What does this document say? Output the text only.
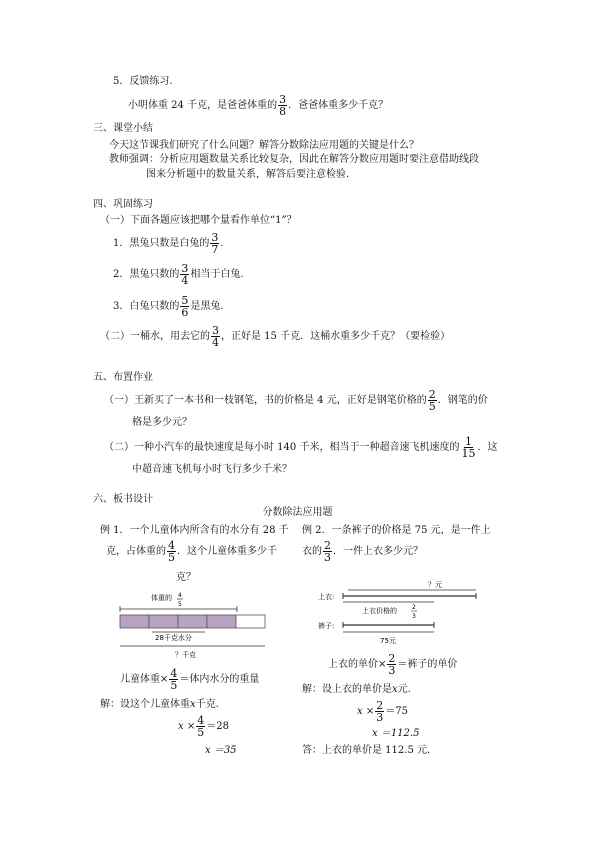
5．反馈练习.
小明体重 24 千克，是爸爸体重的 $\frac{3}{8}$ ．爸爸体重多少千克？
三、课堂小结
今天这节课我们研究了什么问题？解答分数除法应用题的关键是什么？
教师强调：分析应用题数量关系比较复杂，因此在解答分数应用题时要注意借助线段
图来分析题中的数量关系，解答后要注意检验.
四、巩固练习
（一）下面各题应该把哪个量看作单位“1”？
1．黑兔只数是白兔的 $\frac{3}{7}$ .
2．黑兔只数的 $\frac{3}{4}$ 相当于白兔.
3．白兔只数的 $\frac{5}{6}$ 是黑兔.
（二）一桶水，用去它的 $\frac{3}{4}$ ，正好是 15 千克．这桶水重多少千克？（要检验）
五、布置作业
（一）王新买了一本书和一枝钢笔，书的价格是 4 元，正好是钢笔价格的 $\frac{2}{5}$ ．钢笔的价
格是多少元？
（二）一种小汽车的最快速度是每小时 140 千米，相当于一种超音速飞机速度的 $\frac{1}{15}$ ．这
中超音速飞机每小时飞行多少千米？
六、板书设计
分数除法应用题
例 1．一个儿童体内所含有的水分有 28 千
克，占体重的 $\frac{4}{5}$ ．这个儿童体重多少千
克？
体重的 4
5
28千克水分
？千克
儿童体重× $\frac{4}{5}$ ＝体内水分的重量
解：设这个儿童体重x千克.
$x \times \frac{4}{5} =28$
x ＝35
例 2．一条裤子的价格是 75 元，是一件上
衣的 $\frac{2}{3}$ ．一件上衣多少元？
？元
上衣:
上衣价格的	2
3
裤子:
75元
上衣的单价× $\frac{2}{3}$ ＝裤子的单价
解：设上衣的单价是x元.
$x \times \frac{2}{3} =75$
x ＝112.5
答：上衣的单价是 112.5 元.
